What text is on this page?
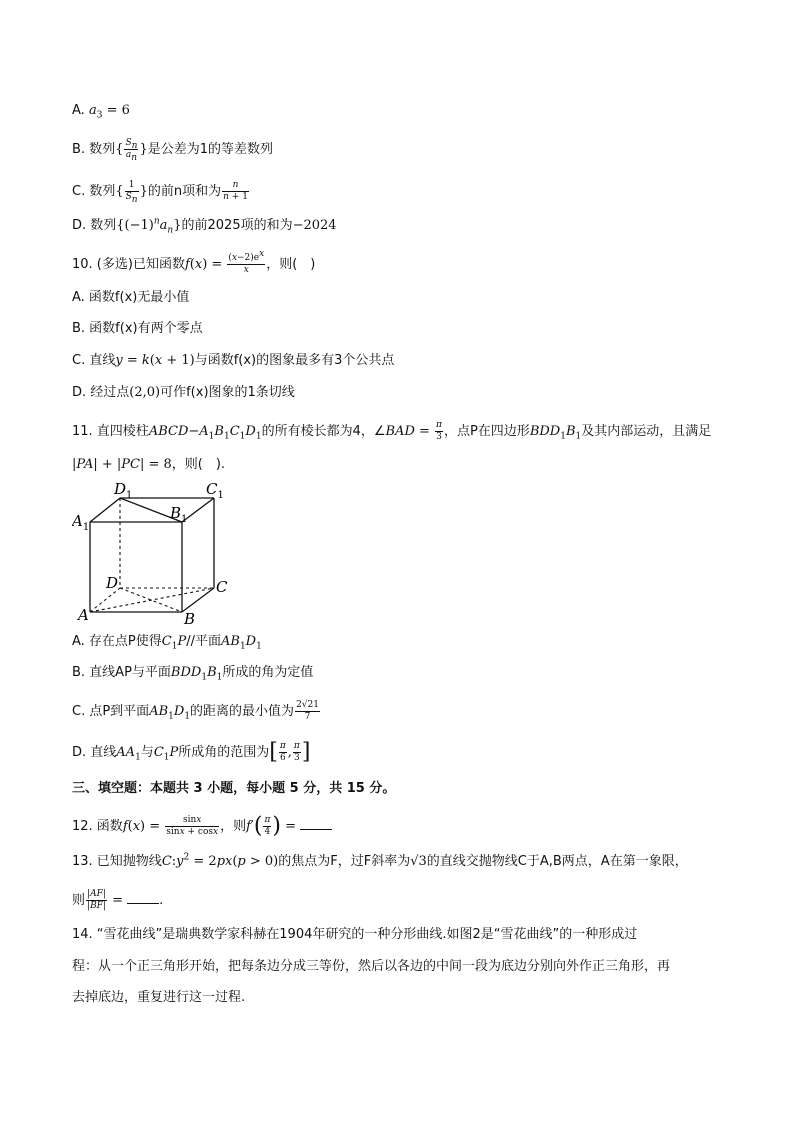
A. $a_3 = 6$
B. 数列{ $\frac{S_n}{a_n}$ }是公差为1的等差数列
C. 数列{ $\frac{1}{S_n}$ }的前n项和为 $\frac{n}{n + 1}$
D. 数列$\{(-1)^na_n\}$的前2025项的和为−2024
10. (多选)已知函数$f(x) = \frac{(x-2)e^x}{x}$ ，则(　)
A. 函数f(x)无最小值
B. 函数f(x)有两个零点
C. 直线y = k(x + 1)与函数f(x)的图象最多有3个公共点
D. 经过点(2,0)可作f(x)图象的1条切线
11. 直四棱柱$ABCD-A_1B_1C_1D_1$的所有棱长都为4，∠BAD = $\frac{\pi}{3}$ ，点P在四边形$BDD_1B_1$及其内部运动，且满足
|PA| + |PC| = 8，则(　).
$D_1$	$C_1$
$A_1$
$B_1$
D	C
A	B
A. 存在点P使得$C_1P//$平面$AB_1D_1$
B. 直线AP与平面$BDD_1B_1$所成的角为定值
C. 点P到平面$AB_1D_1$的距离的最小值为 $\frac{2√21}{7}$
D. 直线$AA_1$与$C_1P$所成角的范围为[ $\frac{\pi}{6}$ , $\frac{\pi}{3}$ ]
三、填空题：本题共 3 小题，每小题 5 分，共 15 分。
12. 函数$f(x) = \frac{\sin x}{\sin x + \cos x}$ ，则$f'( \frac{\pi}{4}$ ) =
13. 已知抛物线$C:y^2 = 2px(p > 0)$的焦点为F，过F斜率为√3的直线交抛物线C于A,B两点，A在第一象限，
则 $\frac{|AF|}{|BF|}$ = .
14. “雪花曲线”是瑞典数学家科赫在1904年研究的一种分形曲线.如图2是“雪花曲线”的一种形成过
程：从一个正三角形开始，把每条边分成三等份，然后以各边的中间一段为底边分别向外作正三角形，再
去掉底边，重复进行这一过程.
